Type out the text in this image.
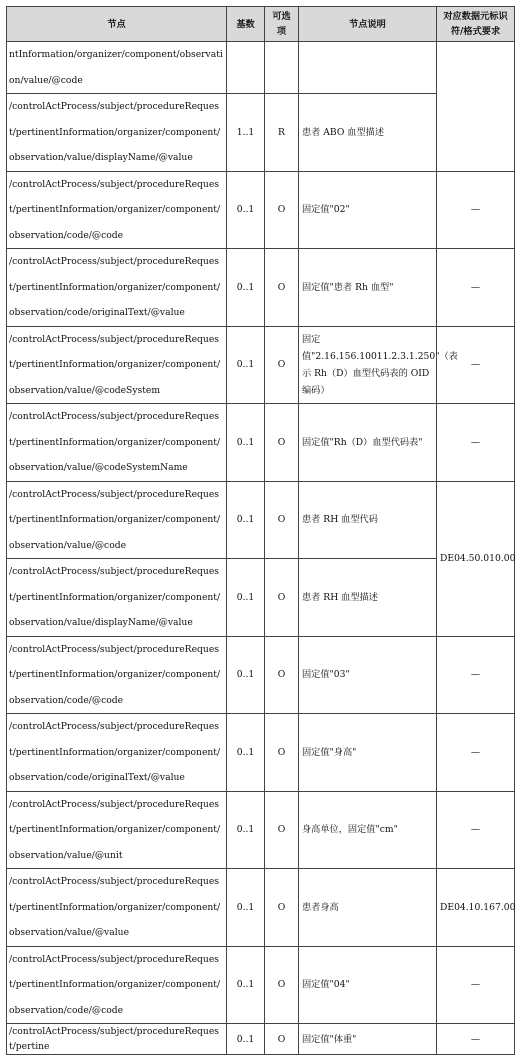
节点	基数	可选项	节点说明	对应数据元标识符/格式要求
ntInformation/organizer/component/observation/value/@code				
/controlActProcess/subject/procedureRequest/pertinentInformation/organizer/component/observation/value/displayName/@value	1..1	R	患者 ABO 血型描述	
/controlActProcess/subject/procedureRequest/pertinentInformation/organizer/component/observation/code/@code	0..1	O	固定值"02"	—
/controlActProcess/subject/procedureRequest/pertinentInformation/organizer/component/observation/code/originalText/@value	0..1	O	固定值"患者 Rh 血型"	—
/controlActProcess/subject/procedureRequest/pertinentInformation/organizer/component/observation/value/@codeSystem	0..1	O	固定值"2.16.156.10011.2.3.1.250"（表示 Rh（D）血型代码表的 OID 编码）	—
/controlActProcess/subject/procedureRequest/pertinentInformation/organizer/component/observation/value/@codeSystemName	0..1	O	固定值"Rh（D）血型代码表"	—
/controlActProcess/subject/procedureRequest/pertinentInformation/organizer/component/observation/value/@code	0..1	O	患者 RH 血型代码	DE04.50.010.00
/controlActProcess/subject/procedureRequest/pertinentInformation/organizer/component/observation/value/displayName/@value	0..1	O	患者 RH 血型描述	
/controlActProcess/subject/procedureRequest/pertinentInformation/organizer/component/observation/code/@code	0..1	O	固定值"03"	—
/controlActProcess/subject/procedureRequest/pertinentInformation/organizer/component/observation/code/originalText/@value	0..1	O	固定值"身高"	—
/controlActProcess/subject/procedureRequest/pertinentInformation/organizer/component/observation/value/@unit	0..1	O	身高单位，固定值"cm"	—
/controlActProcess/subject/procedureRequest/pertinentInformation/organizer/component/observation/value/@value	0..1	O	患者身高	DE04.10.167.00
/controlActProcess/subject/procedureRequest/pertinentInformation/organizer/component/observation/code/@code	0..1	O	固定值"04"	—
/controlActProcess/subject/procedureRequest/pertine	0..1	O	固定值"体重"	—
